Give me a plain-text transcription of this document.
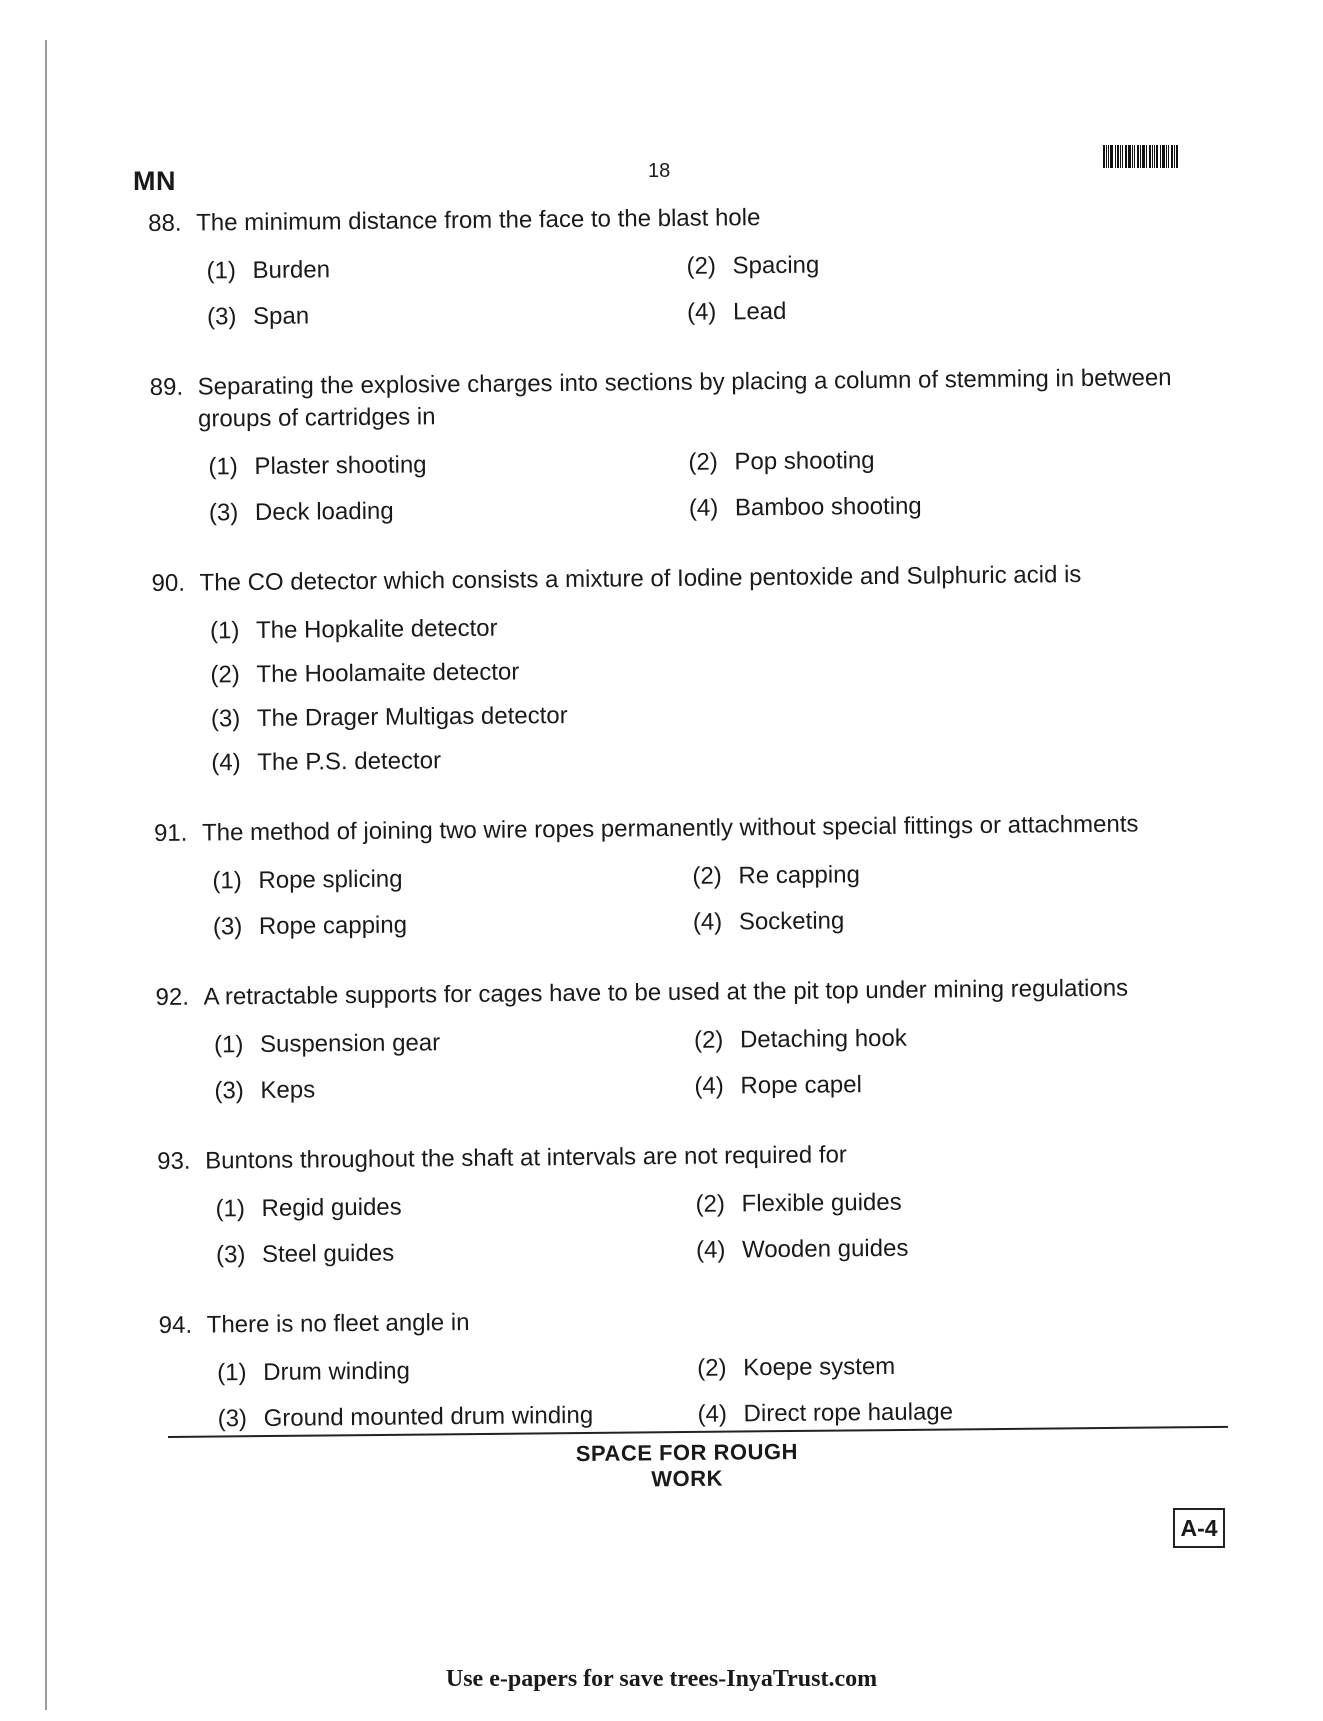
MN	18
88. The minimum distance from the face to the blast hole
(1) Burden	(2) Spacing
(3) Span	(4) Lead
89. Separating the explosive charges into sections by placing a column of stemming in between groups of cartridges in
(1) Plaster shooting	(2) Pop shooting
(3) Deck loading	(4) Bamboo shooting
90. The CO detector which consists a mixture of Iodine pentoxide and Sulphuric acid is
(1) The Hopkalite detector
(2) The Hoolamaite detector
(3) The Drager Multigas detector
(4) The P.S. detector
91. The method of joining two wire ropes permanently without special fittings or attachments
(1) Rope splicing	(2) Re capping
(3) Rope capping	(4) Socketing
92. A retractable supports for cages have to be used at the pit top under mining regulations
(1) Suspension gear	(2) Detaching hook
(3) Keps	(4) Rope capel
93. Buntons throughout the shaft at intervals are not required for
(1) Regid guides	(2) Flexible guides
(3) Steel guides	(4) Wooden guides
94. There is no fleet angle in
(1) Drum winding	(2) Koepe system
(3) Ground mounted drum winding	(4) Direct rope haulage
SPACE FOR ROUGH WORK
A-4
Use e-papers for save trees-InyaTrust.com
